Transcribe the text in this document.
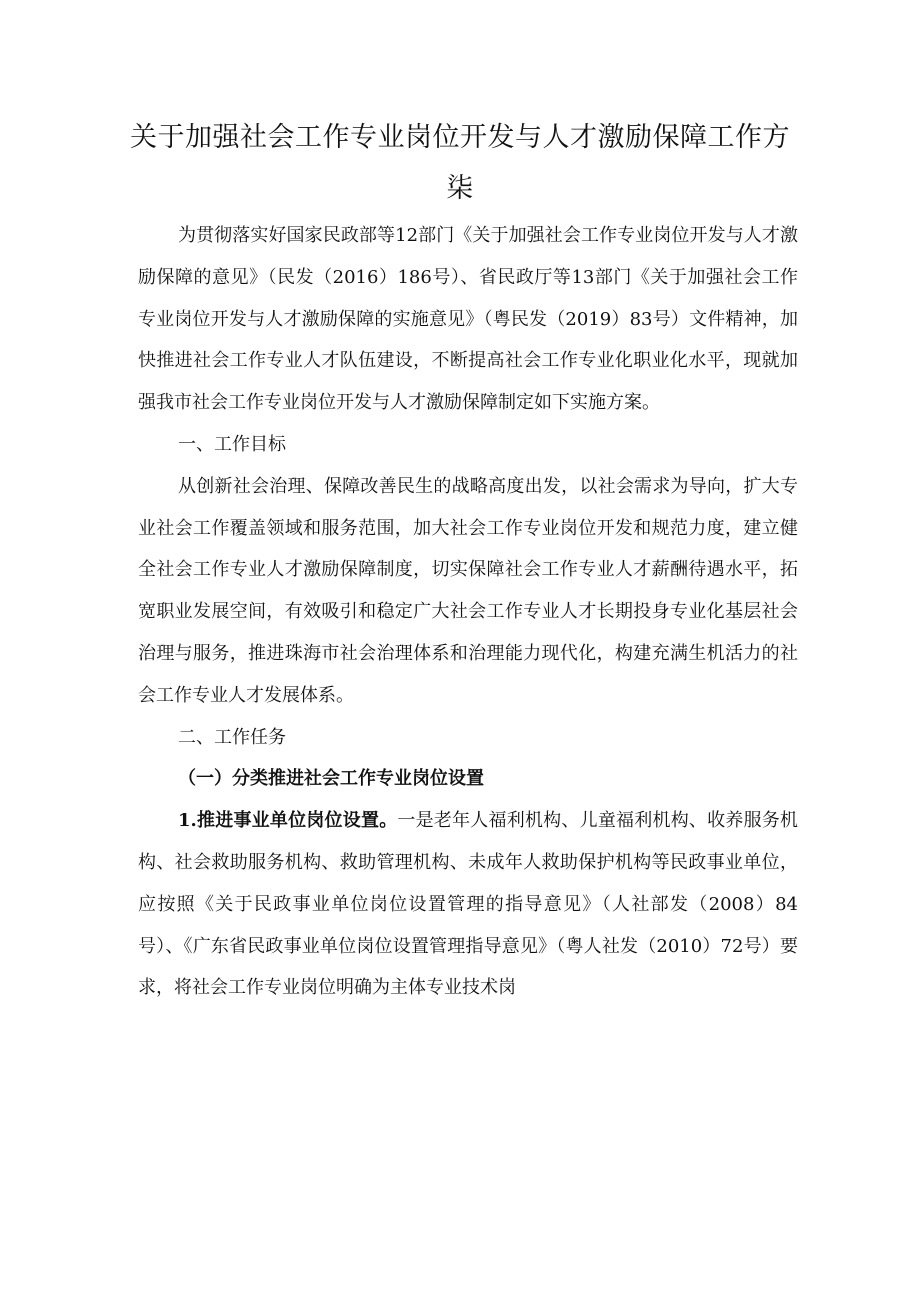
关于加强社会工作专业岗位开发与人才激励保障工作方柒

为贯彻落实好国家民政部等12部门《关于加强社会工作专业岗位开发与人才激励保障的意见》（民发（2016）186号）、省民政厅等13部门《关于加强社会工作专业岗位开发与人才激励保障的实施意见》（粤民发（2019）83号）文件精神，加快推进社会工作专业人才队伍建设，不断提高社会工作专业化职业化水平，现就加强我市社会工作专业岗位开发与人才激励保障制定如下实施方案。

一、工作目标

从创新社会治理、保障改善民生的战略高度出发，以社会需求为导向，扩大专业社会工作覆盖领域和服务范围，加大社会工作专业岗位开发和规范力度，建立健全社会工作专业人才激励保障制度，切实保障社会工作专业人才薪酬待遇水平，拓宽职业发展空间，有效吸引和稳定广大社会工作专业人才长期投身专业化基层社会治理与服务，推进珠海市社会治理体系和治理能力现代化，构建充满生机活力的社会工作专业人才发展体系。

二、工作任务

（一）分类推进社会工作专业岗位设置

1.推进事业单位岗位设置。一是老年人福利机构、儿童福利机构、收养服务机构、社会救助服务机构、救助管理机构、未成年人救助保护机构等民政事业单位，应按照《关于民政事业单位岗位设置管理的指导意见》（人社部发（2008）84号）、《广东省民政事业单位岗位设置管理指导意见》（粤人社发（2010）72号）要求，将社会工作专业岗位明确为主体专业技术岗
